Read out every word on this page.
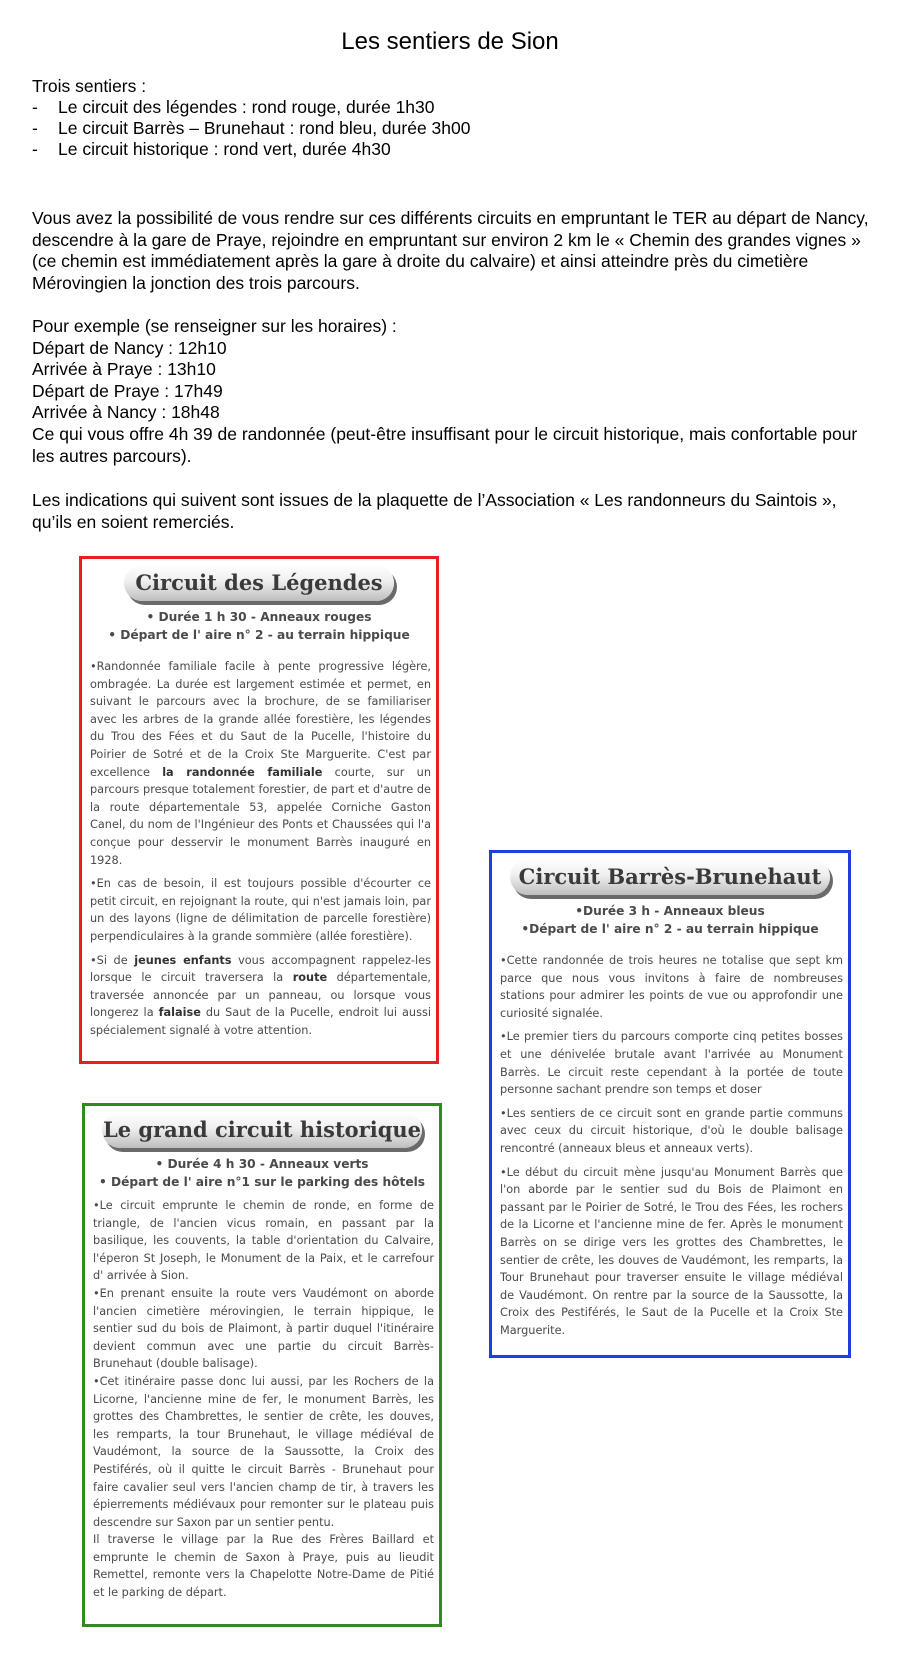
Les sentiers de Sion
Trois sentiers :
-	Le circuit des légendes : rond rouge, durée 1h30
-	Le circuit Barrès – Brunehaut : rond bleu, durée 3h00
-	Le circuit historique : rond vert, durée 4h30
Vous avez la possibilité de vous rendre sur ces différents circuits en empruntant le TER au départ de Nancy, descendre à la gare de Praye, rejoindre en empruntant sur environ 2 km le « Chemin des grandes vignes » (ce chemin est immédiatement après la gare à droite du calvaire) et ainsi atteindre près du cimetière Mérovingien la jonction des trois parcours.
Pour exemple (se renseigner sur les horaires) :
Départ de Nancy : 12h10
Arrivée à Praye : 13h10
Départ de Praye : 17h49
Arrivée à Nancy : 18h48
Ce qui vous offre 4h 39 de randonnée (peut-être insuffisant pour le circuit historique, mais confortable pour les autres parcours).
Les indications qui suivent sont issues de la plaquette de l’Association « Les randonneurs du Saintois », qu’ils en soient remerciés.
Circuit des Légendes
• Durée 1 h 30 - Anneaux rouges
• Départ de l' aire n° 2 - au terrain hippique

•Randonnée familiale facile à pente progressive légère, ombragée. La durée est largement estimée et permet, en suivant le parcours avec la brochure, de se familiariser avec les arbres de la grande allée forestière, les légendes du Trou des Fées et du Saut de la Pucelle, l'histoire du Poirier de Sotré et de la Croix Ste Marguerite. C'est par excellence la randonnée familiale courte, sur un parcours presque totalement forestier, de part et d'autre de la route départementale 53, appelée Corniche Gaston Canel, du nom de l'Ingénieur des Ponts et Chaussées qui l'a conçue pour desservir le monument Barrès inauguré en 1928.

•En cas de besoin, il est toujours possible d'écourter ce petit circuit, en rejoignant la route, qui n'est jamais loin, par un des layons (ligne de délimitation de parcelle forestière) perpendiculaires à la grande sommière (allée forestière).

•Si de jeunes enfants vous accompagnent rappelez-les lorsque le circuit traversera la route départementale, traversée annoncée par un panneau, ou lorsque vous longerez la falaise du Saut de la Pucelle, endroit lui aussi spécialement signalé à votre attention.

Circuit Barrès-Brunehaut
•Durée 3 h - Anneaux bleus
•Départ de l' aire n° 2 - au terrain hippique

•Cette randonnée de trois heures ne totalise que sept km parce que nous vous invitons à faire de nombreuses stations pour admirer les points de vue ou approfondir une curiosité signalée.

•Le premier tiers du parcours comporte cinq petites bosses et une dénivelée brutale avant l'arrivée au Monument Barrès. Le circuit reste cependant à la portée de toute personne sachant prendre son temps et doser

•Les sentiers de ce circuit sont en grande partie communs avec ceux du circuit historique, d'où le double balisage rencontré (anneaux bleus et anneaux verts).

•Le début du circuit mène jusqu'au Monument Barrès que l'on aborde par le sentier sud du Bois de Plaimont en passant par le Poirier de Sotré, le Trou des Fées, les rochers de la Licorne et l'ancienne mine de fer. Après le monument Barrès on se dirige vers les grottes des Chambrettes, le sentier de crête, les douves de Vaudémont, les remparts, la Tour Brunehaut pour traverser ensuite le village médiéval de Vaudémont. On rentre par la source de la Saussotte, la Croix des Pestiférés, le Saut de la Pucelle et la Croix Ste Marguerite.

Le grand circuit historique
• Durée 4 h 30 - Anneaux verts
• Départ de l' aire n°1 sur le parking des hôtels

•Le circuit emprunte le chemin de ronde, en forme de triangle, de l'ancien vicus romain, en passant par la basilique, les couvents, la table d'orientation du Calvaire, l'éperon St Joseph, le Monument de la Paix, et le carrefour d' arrivée à Sion.

•En prenant ensuite la route vers Vaudémont on aborde l'ancien cimetière mérovingien, le terrain hippique, le sentier sud du bois de Plaimont, à partir duquel l'itinéraire devient commun avec une partie du circuit Barrès-Brunehaut (double balisage).

•Cet itinéraire passe donc lui aussi, par les Rochers de la Licorne, l'ancienne mine de fer, le monument Barrès, les grottes des Chambrettes, le sentier de crête, les douves, les remparts, la tour Brunehaut, le village médiéval de Vaudémont, la source de la Saussotte, la Croix des Pestiférés, où il quitte le circuit Barrès - Brunehaut pour faire cavalier seul vers l'ancien champ de tir, à travers les épierrements médiévaux pour remonter sur le plateau puis descendre sur Saxon par un sentier pentu.

Il traverse le village par la Rue des Frères Baillard et emprunte le chemin de Saxon à Praye, puis au lieudit Remettel, remonte vers la Chapelotte Notre-Dame de Pitié et le parking de départ.
